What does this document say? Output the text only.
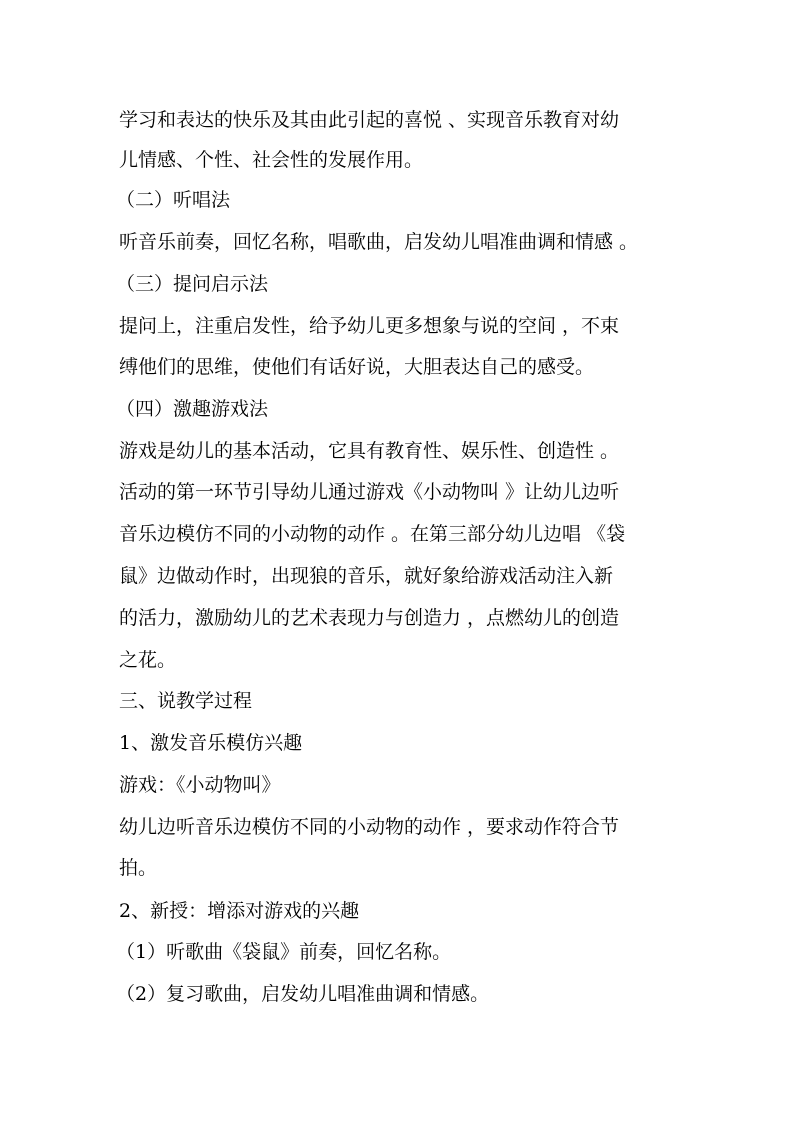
学习和表达的快乐及其由此引起的喜悦 、实现音乐教育对幼
儿情感、个性、社会性的发展作用。
（二）听唱法
听音乐前奏，回忆名称，唱歌曲，启发幼儿唱准曲调和情感 。
（三）提问启示法
提问上，注重启发性，给予幼儿更多想象与说的空间 ，不束
缚他们的思维，使他们有话好说，大胆表达自己的感受。
（四）激趣游戏法
游戏是幼儿的基本活动，它具有教育性、娱乐性、创造性 。
活动的第一环节引导幼儿通过游戏《小动物叫 》让幼儿边听
音乐边模仿不同的小动物的动作 。在第三部分幼儿边唱 《袋
鼠》边做动作时，出现狼的音乐，就好象给游戏活动注入新
的活力，激励幼儿的艺术表现力与创造力 ，点燃幼儿的创造
之花。
三、说教学过程
1、激发音乐模仿兴趣
游戏：《小动物叫》
幼儿边听音乐边模仿不同的小动物的动作 ，要求动作符合节
拍。
2、新授：增添对游戏的兴趣
（1）听歌曲《袋鼠》前奏，回忆名称。
（2）复习歌曲，启发幼儿唱准曲调和情感。
